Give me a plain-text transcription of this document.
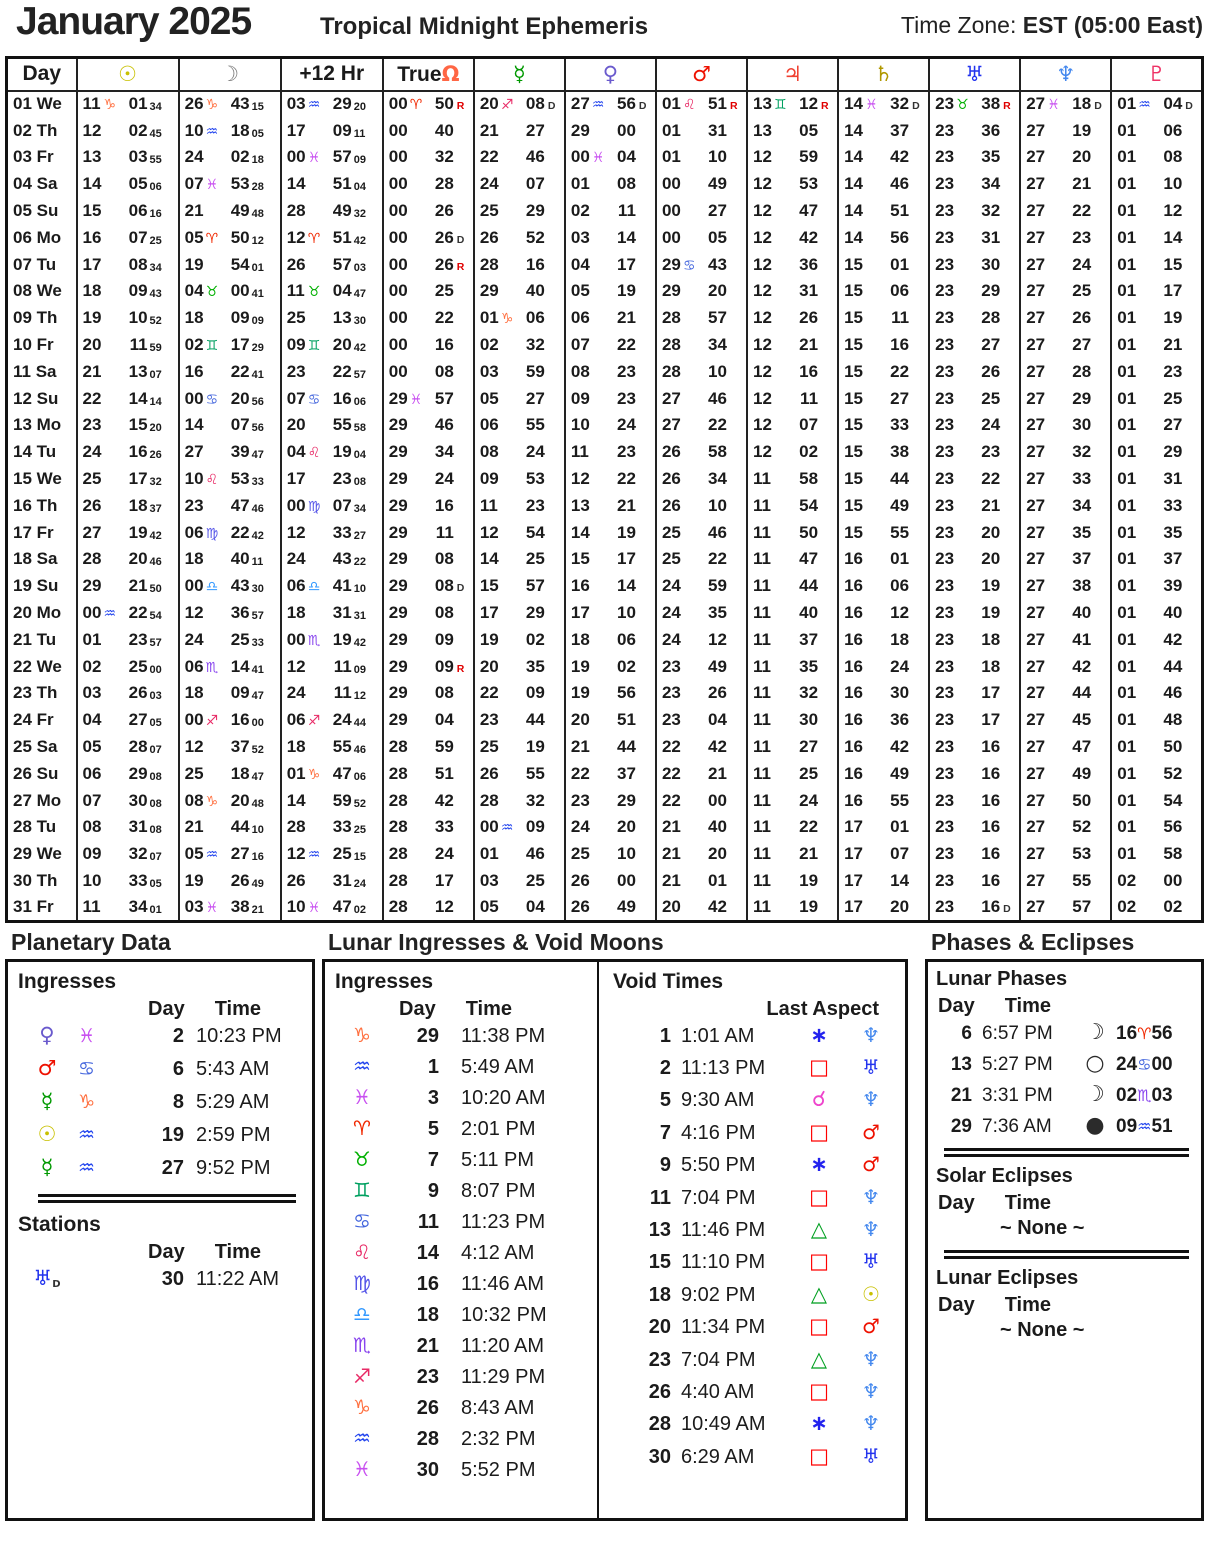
January 2025	Tropical Midnight Ephemeris	Time Zone: EST (05:00 East)
Day	☉	☽	+12 Hr	TrueΩ	☿	♀	♂	♃	♄	♅	♆	♇
01 We	11 ♑ 01 34	26 ♑ 43 15	03 ♒ 29 20	00 ♈ 50 R	20 ♐ 08 D	27 ♒ 56 D	01 ♌ 51 R	13 ♊ 12 R	14 ♓ 32 D	23 ♉ 38 R	27 ♓ 18 D	01 ♒ 04 D

02 Th	12 02 45	10 ♒ 18 05	17 09 11	00 40	21 27	29 00	01 31	13 05	14 37	23 36	27 19	01 06

03 Fr	13 03 55	24 02 18	00 ♓ 57 09	00 32	22 46	00 ♓ 04	01 10	12 59	14 42	23 35	27 20	01 08

04 Sa	14 05 06	07 ♓ 53 28	14 51 04	00 28	24 07	01 08	00 49	12 53	14 46	23 34	27 21	01 10

05 Su	15 06 16	21 49 48	28 49 32	00 26	25 29	02 11	00 27	12 47	14 51	23 32	27 22	01 12

06 Mo	16 07 25	05 ♈ 50 12	12 ♈ 51 42	00 26 D	26 52	03 14	00 05	12 42	14 56	23 31	27 23	01 14

07 Tu	17 08 34	19 54 01	26 57 03	00 26 R	28 16	04 17	29 ♋ 43	12 36	15 01	23 30	27 24	01 15

08 We	18 09 43	04 ♉ 00 41	11 ♉ 04 47	00 25	29 40	05 19	29 20	12 31	15 06	23 29	27 25	01 17

09 Th	19 10 52	18 09 09	25 13 30	00 22	01 ♑ 06	06 21	28 57	12 26	15 11	23 28	27 26	01 19

10 Fr	20 11 59	02 ♊ 17 29	09 ♊ 20 42	00 16	02 32	07 22	28 34	12 21	15 16	23 27	27 27	01 21

11 Sa	21 13 07	16 22 41	23 22 57	00 08	03 59	08 23	28 10	12 16	15 22	23 26	27 28	01 23

12 Su	22 14 14	00 ♋ 20 56	07 ♋ 16 06	29 ♓ 57	05 27	09 23	27 46	12 11	15 27	23 25	27 29	01 25

13 Mo	23 15 20	14 07 56	20 55 58	29 46	06 55	10 24	27 22	12 07	15 33	23 24	27 30	01 27

14 Tu	24 16 26	27 39 47	04 ♌ 19 04	29 34	08 24	11 23	26 58	12 02	15 38	23 23	27 32	01 29

15 We	25 17 32	10 ♌ 53 33	17 23 08	29 24	09 53	12 22	26 34	11 58	15 44	23 22	27 33	01 31

16 Th	26 18 37	23 47 46	00 ♍ 07 34	29 16	11 23	13 21	26 10	11 54	15 49	23 21	27 34	01 33

17 Fr	27 19 42	06 ♍ 22 42	12 33 27	29 11	12 54	14 19	25 46	11 50	15 55	23 20	27 35	01 35

18 Sa	28 20 46	18 40 11	24 43 22	29 08	14 25	15 17	25 22	11 47	16 01	23 20	27 37	01 37

19 Su	29 21 50	00 ♎ 43 30	06 ♎ 41 10	29 08 D	15 57	16 14	24 59	11 44	16 06	23 19	27 38	01 39

20 Mo	00 ♒ 22 54	12 36 57	18 31 31	29 08	17 29	17 10	24 35	11 40	16 12	23 19	27 40	01 40

21 Tu	01 23 57	24 25 33	00 ♏ 19 42	29 09	19 02	18 06	24 12	11 37	16 18	23 18	27 41	01 42

22 We	02 25 00	06 ♏ 14 41	12 11 09	29 09 R	20 35	19 02	23 49	11 35	16 24	23 18	27 42	01 44

23 Th	03 26 03	18 09 47	24 11 12	29 08	22 09	19 56	23 26	11 32	16 30	23 17	27 44	01 46

24 Fr	04 27 05	00 ♐ 16 00	06 ♐ 24 44	29 04	23 44	20 51	23 04	11 30	16 36	23 17	27 45	01 48

25 Sa	05 28 07	12 37 52	18 55 46	28 59	25 19	21 44	22 42	11 27	16 42	23 16	27 47	01 50

26 Su	06 29 08	25 18 47	01 ♑ 47 06	28 51	26 55	22 37	22 21	11 25	16 49	23 16	27 49	01 52

27 Mo	07 30 08	08 ♑ 20 48	14 59 52	28 42	28 32	23 29	22 00	11 24	16 55	23 16	27 50	01 54

28 Tu	08 31 08	21 44 10	28 33 25	28 33	00 ♒ 09	24 20	21 40	11 22	17 01	23 16	27 52	01 56

29 We	09 32 07	05 ♒ 27 16	12 ♒ 25 15	28 24	01 46	25 10	21 20	11 21	17 07	23 16	27 53	01 58

30 Th	10 33 05	19 26 49	26 31 24	28 17	03 25	26 00	21 01	11 19	17 14	23 16	27 55	02 00

31 Fr	11 34 01	03 ♓ 38 21	10 ♓ 47 02	28 12	05 04	26 49	20 42	11 19	17 20	23 16 D	27 57	02 02
Planetary Data
Ingresses
Day Time
♀	♓	2 10:23 PM
♂	♋	6 5:43 AM
☿	♑	8 5:29 AM
☉	♒	19 2:59 PM
☿	♒	27 9:52 PM
Stations
Day Time
♅D	30 11:22 AM
Lunar Ingresses & Void Moons
Ingresses
Day Time
♑	29	11:38 PM
♒	1	5:49 AM
♓	3	10:20 AM
♈	5	2:01 PM
♉	7	5:11 PM
♊	9	8:07 PM
♋	11	11:23 PM
♌	14	4:12 AM
♍	16	11:46 AM
♎	18	10:32 PM
♏	21	11:20 AM
♐	23	11:29 PM
♑	26	8:43 AM
♒	28	2:32 PM
♓	30	5:52 PM
Void Times
Last Aspect
1 1:01 AM	∗	♆
2 11:13 PM	□	♅
5 9:30 AM	☌	♆
7 4:16 PM	□	♂
9 5:50 PM	∗	♂
11 7:04 PM	□	♆
13 11:46 PM	△	♆
15 11:10 PM	□	♅
18 9:02 PM	△	☉
20 11:34 PM	□	♂
23 7:04 PM	△	♆
26 4:40 AM	□	♆
28 10:49 AM	∗	♆
30 6:29 AM	□	♅
Phases & Eclipses
Lunar Phases
Day Time
6 6:57 PM	☽ 16♈56
13 5:27 PM	○ 24♋00
21 3:31 PM	☽ 02♏03
29 7:36 AM	● 09♒51
Solar Eclipses
Day Time
~ None ~
Lunar Eclipses
Day Time
~ None ~
